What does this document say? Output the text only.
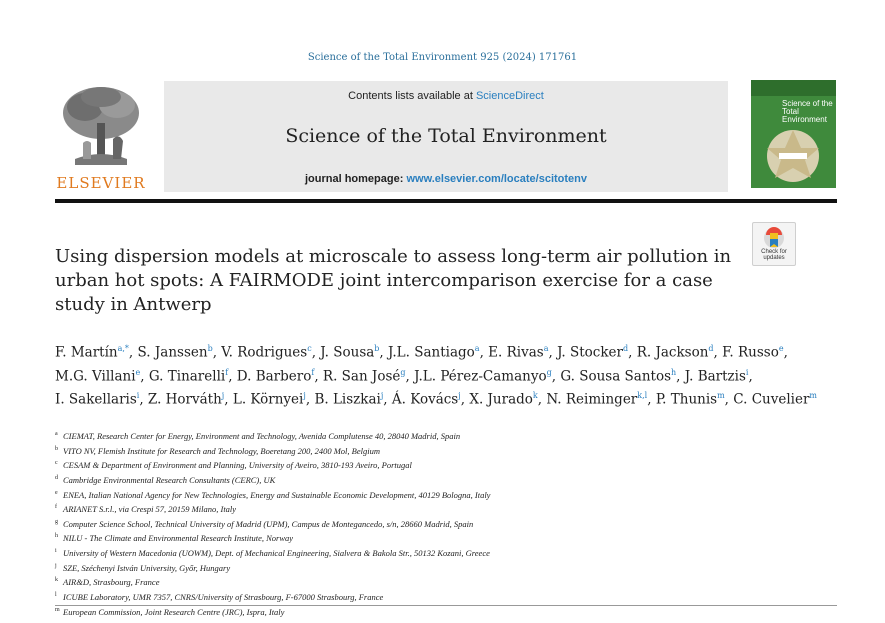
Science of the Total Environment 925 (2024) 171761
ELSEVIER
Contents lists available at ScienceDirect
Science of the Total Environment
journal homepage: www.elsevier.com/locate/scitotenv
Science of the
Total Environment
Check for
updates
Using dispersion models at microscale to assess long-term air pollution in urban hot spots: A FAIRMODE joint intercomparison exercise for a case study in Antwerp
F. Martín$^{a,*}$, S. Janssen$^b$, V. Rodrigues$^c$, J. Sousa$^b$, J.L. Santiago$^a$, E. Rivas$^a$, J. Stocker$^d$, R. Jackson$^d$, F. Russo$^e$, M.G. Villani$^e$, G. Tinarelli$^f$, D. Barbero$^f$, R. San José$^g$, J.L. Pérez-Camanyo$^g$, G. Sousa Santos$^h$, J. Bartzis$^i$, I. Sakellaris$^i$, Z. Horváth$^j$, L. Környei$^j$, B. Liszkai$^j$, Á. Kovács$^j$, X. Jurado$^k$, N. Reiminger$^{k,l}$, P. Thunis$^m$, C. Cuvelier$^m$
a CIEMAT, Research Center for Energy, Environment and Technology, Avenida Complutense 40, 28040 Madrid, Spain
b VITO NV, Flemish Institute for Research and Technology, Boeretang 200, 2400 Mol, Belgium
c CESAM & Department of Environment and Planning, University of Aveiro, 3810-193 Aveiro, Portugal
d Cambridge Environmental Research Consultants (CERC), UK
e ENEA, Italian National Agency for New Technologies, Energy and Sustainable Economic Development, 40129 Bologna, Italy
f ARIANET S.r.l., via Crespi 57, 20159 Milano, Italy
g Computer Science School, Technical University of Madrid (UPM), Campus de Montegancedo, s/n, 28660 Madrid, Spain
h NILU - The Climate and Environmental Research Institute, Norway
i University of Western Macedonia (UOWM), Dept. of Mechanical Engineering, Sialvera & Bakola Str., 50132 Kozani, Greece
j SZE, Széchenyi István University, Győr, Hungary
k AIR&D, Strasbourg, France
l ICUBE Laboratory, UMR 7357, CNRS/University of Strasbourg, F-67000 Strasbourg, France
m European Commission, Joint Research Centre (JRC), Ispra, Italy
